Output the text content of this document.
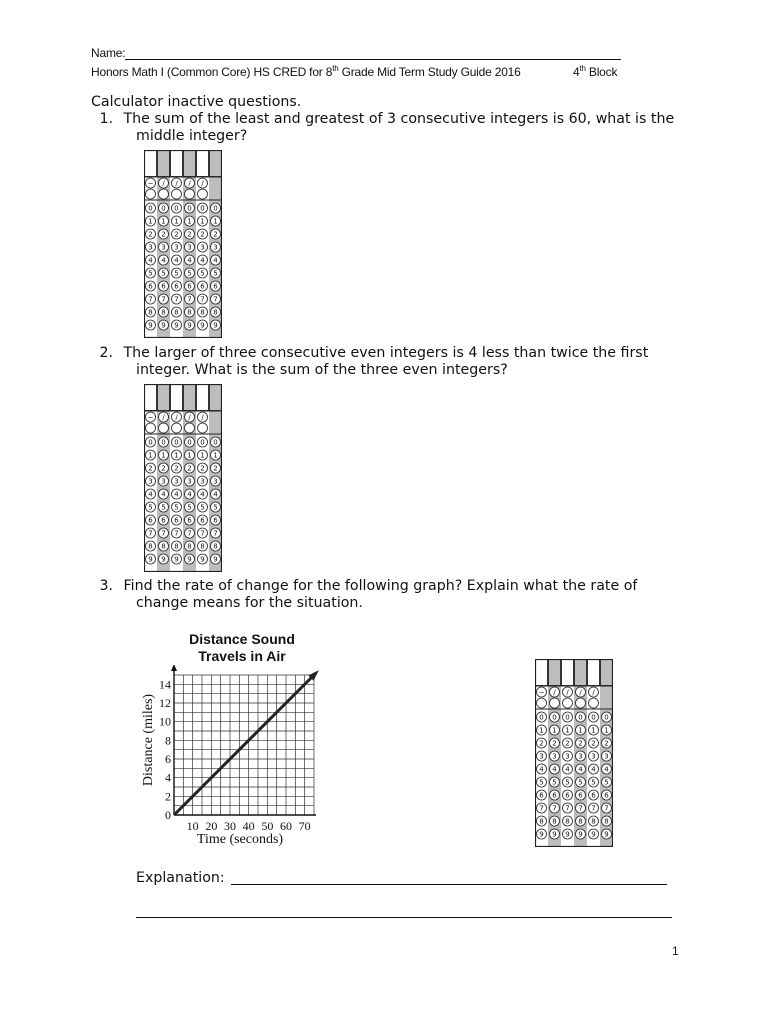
Name:
Honors Math I (Common Core) HS CRED for 8th Grade Mid Term Study Guide 2016	4th Block
Calculator inactive questions.
1. The sum of the least and greatest of 3 consecutive integers is 60, what is the
middle integer?
2. The larger of three consecutive even integers is 4 less than twice the first
integer. What is the sum of the three even integers?
3. Find the rate of change for the following graph? Explain what the rate of
change means for the situation.
− / / / /
0 0 0 0 0 0
1 1 1 1 1 1
2 2 2 2 2 2
3 3 3 3 3 3
4 4 4 4 4 4
5 5 5 5 5 5
6 6 6 6 6 6
7 7 7 7 7 7
8 8 8 8 8 8
9 9 9 9 9 9
− / / / /
0 0 0 0 0 0
1 1 1 1 1 1
2 2 2 2 2 2
3 3 3 3 3 3
4 4 4 4 4 4
5 5 5 5 5 5
6 6 6 6 6 6
7 7 7 7 7 7
8 8 8 8 8 8
9 9 9 9 9 9
− / / / /
0 0 0 0 0 0
1 1 1 1 1 1
2 2 2 2 2 2
3 3 3 3 3 3
4 4 4 4 4 4
5 5 5 5 5 5
6 6 6 6 6 6
7 7 7 7 7 7
8 8 8 8 8 8
9 9 9 9 9 9
Distance Sound
Travels in Air
Distance (miles)
Time (seconds)
0
2
4
6
8
10
12
14
10 20 30 40 50 60 70
Explanation:
1
